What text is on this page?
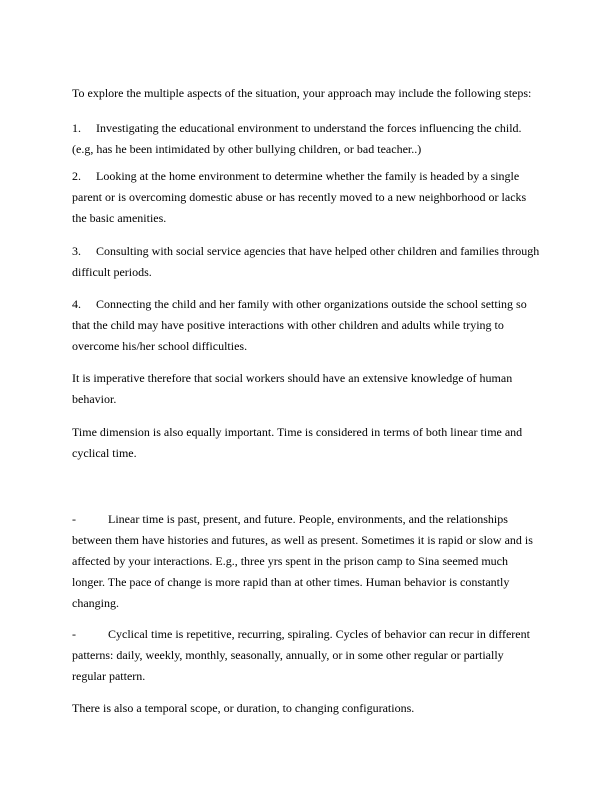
To explore the multiple aspects of the situation, your approach may include the following steps:

1. Investigating the educational environment to understand the forces influencing the child. (e.g, has he been intimidated by other bullying children, or bad teacher..)

2. Looking at the home environment to determine whether the family is headed by a single parent or is overcoming domestic abuse or has recently moved to a new neighborhood or lacks the basic amenities.

3. Consulting with social service agencies that have helped other children and families through difficult periods.

4. Connecting the child and her family with other organizations outside the school setting so that the child may have positive interactions with other children and adults while trying to overcome his/her school difficulties.

It is imperative therefore that social workers should have an extensive knowledge of human behavior.

Time dimension is also equally important. Time is considered in terms of both linear time and cyclical time.

-	Linear time is past, present, and future. People, environments, and the relationships between them have histories and futures, as well as present. Sometimes it is rapid or slow and is affected by your interactions. E.g., three yrs spent in the prison camp to Sina seemed much longer. The pace of change is more rapid than at other times. Human behavior is constantly changing.

-	Cyclical time is repetitive, recurring, spiraling. Cycles of behavior can recur in different patterns: daily, weekly, monthly, seasonally, annually, or in some other regular or partially regular pattern.

There is also a temporal scope, or duration, to changing configurations.
